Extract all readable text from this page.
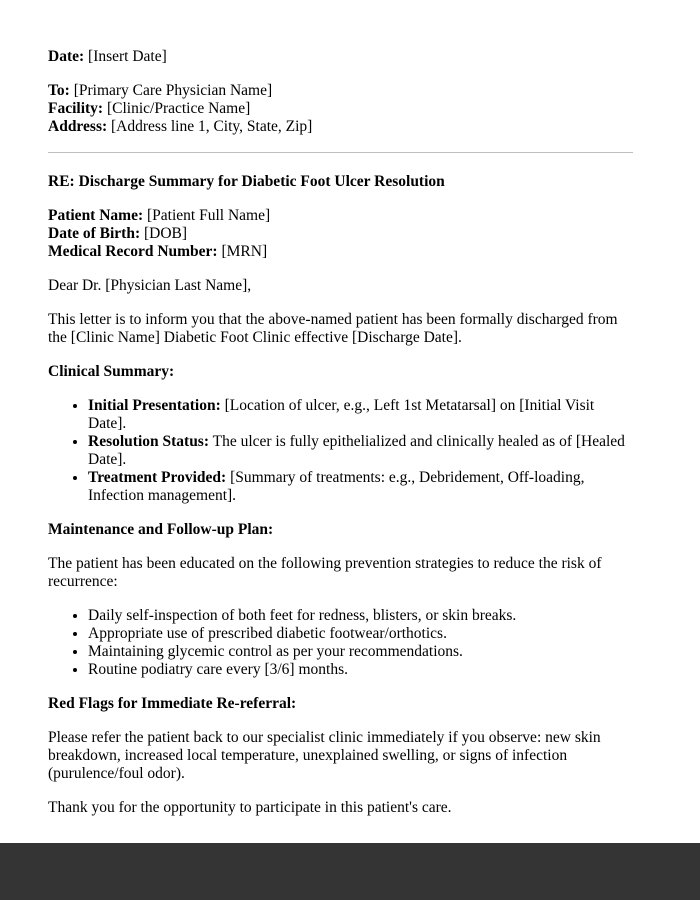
Date: [Insert Date]

To: [Primary Care Physician Name]

Facility: [Clinic/Practice Name]

Address: [Address line 1, City, State, Zip]

RE: Discharge Summary for Diabetic Foot Ulcer Resolution

Patient Name: [Patient Full Name]

Date of Birth: [DOB]

Medical Record Number: [MRN]

Dear Dr. [Physician Last Name],

This letter is to inform you that the above-named patient has been formally discharged from the [Clinic Name] Diabetic Foot Clinic effective [Discharge Date].

Clinical Summary:

• Initial Presentation: [Location of ulcer, e.g., Left 1st Metatarsal] on [Initial Visit Date].
• Resolution Status: The ulcer is fully epithelialized and clinically healed as of [Healed Date].
• Treatment Provided: [Summary of treatments: e.g., Debridement, Off-loading, Infection management].

Maintenance and Follow-up Plan:

The patient has been educated on the following prevention strategies to reduce the risk of recurrence:

• Daily self-inspection of both feet for redness, blisters, or skin breaks.
• Appropriate use of prescribed diabetic footwear/orthotics.
• Maintaining glycemic control as per your recommendations.
• Routine podiatry care every [3/6] months.

Red Flags for Immediate Re-referral:

Please refer the patient back to our specialist clinic immediately if you observe: new skin breakdown, increased local temperature, unexplained swelling, or signs of infection (purulence/foul odor).

Thank you for the opportunity to participate in this patient's care.
